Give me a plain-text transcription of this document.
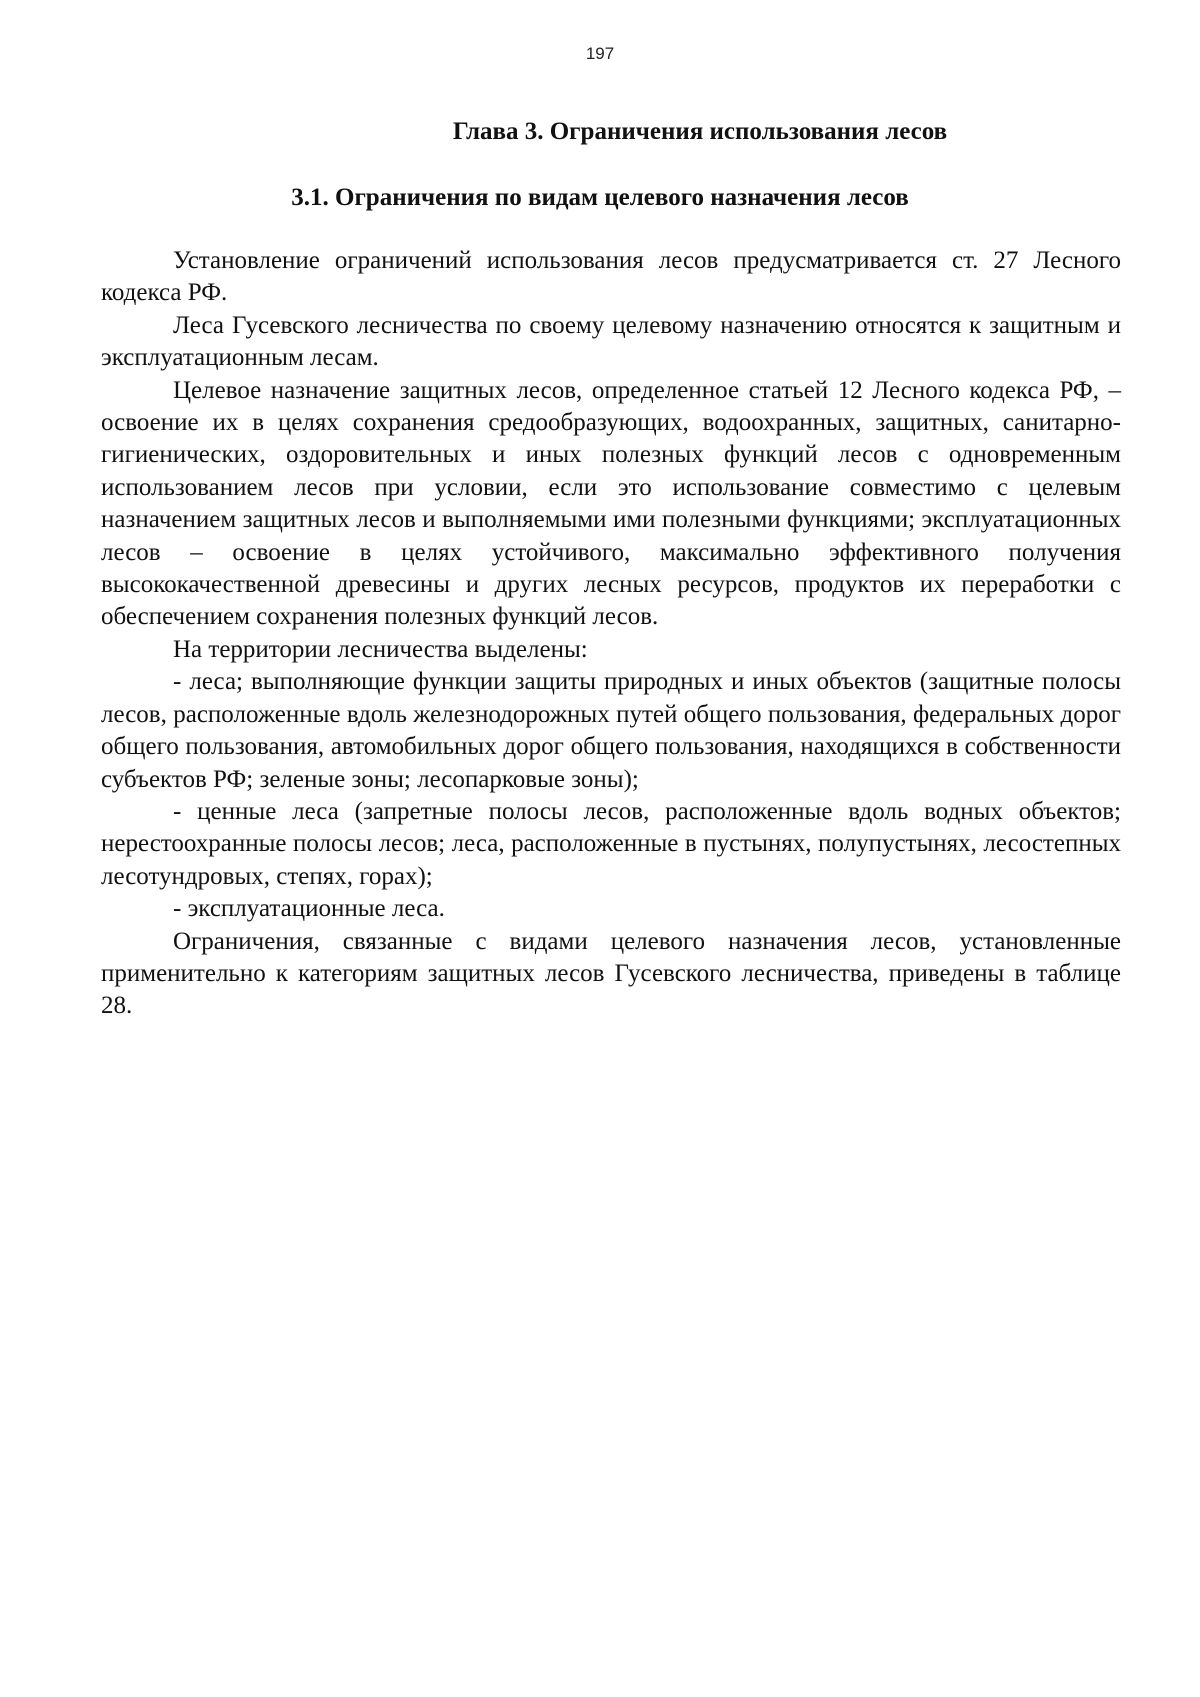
197
Глава 3. Ограничения использования лесов
3.1. Ограничения по видам целевого назначения лесов

Установление ограничений использования лесов предусматривается ст. 27 Лесного кодекса РФ.

Леса Гусевского лесничества по своему целевому назначению относятся к защитным и эксплуатационным лесам.

Целевое назначение защитных лесов, определенное статьей 12 Лесного кодекса РФ, – освоение их в целях сохранения средообразующих, водоохранных, защитных, санитарно-гигиенических, оздоровительных и иных полезных функций лесов с одновременным использованием лесов при условии, если это использование совместимо с целевым назначением защитных лесов и выполняемыми ими полезными функциями; эксплуатационных лесов – освоение в целях устойчивого, максимально эффективного получения высококачественной древесины и других лесных ресурсов, продуктов их переработки с обеспечением сохранения полезных функций лесов.

На территории лесничества выделены:

- леса; выполняющие функции защиты природных и иных объектов (защитные полосы лесов, расположенные вдоль железнодорожных путей общего пользования, федеральных дорог общего пользования, автомобильных дорог общего пользования, находящихся в собственности субъектов РФ; зеленые зоны; лесопарковые зоны);

- ценные леса (запретные полосы лесов, расположенные вдоль водных объектов; нерестоохранные полосы лесов; леса, расположенные в пустынях, полупустынях, лесостепных лесотундровых, степях, горах);

- эксплуатационные леса.

Ограничения, связанные с видами целевого назначения лесов, установленные применительно к категориям защитных лесов Гусевского лесничества, приведены в таблице 28.
